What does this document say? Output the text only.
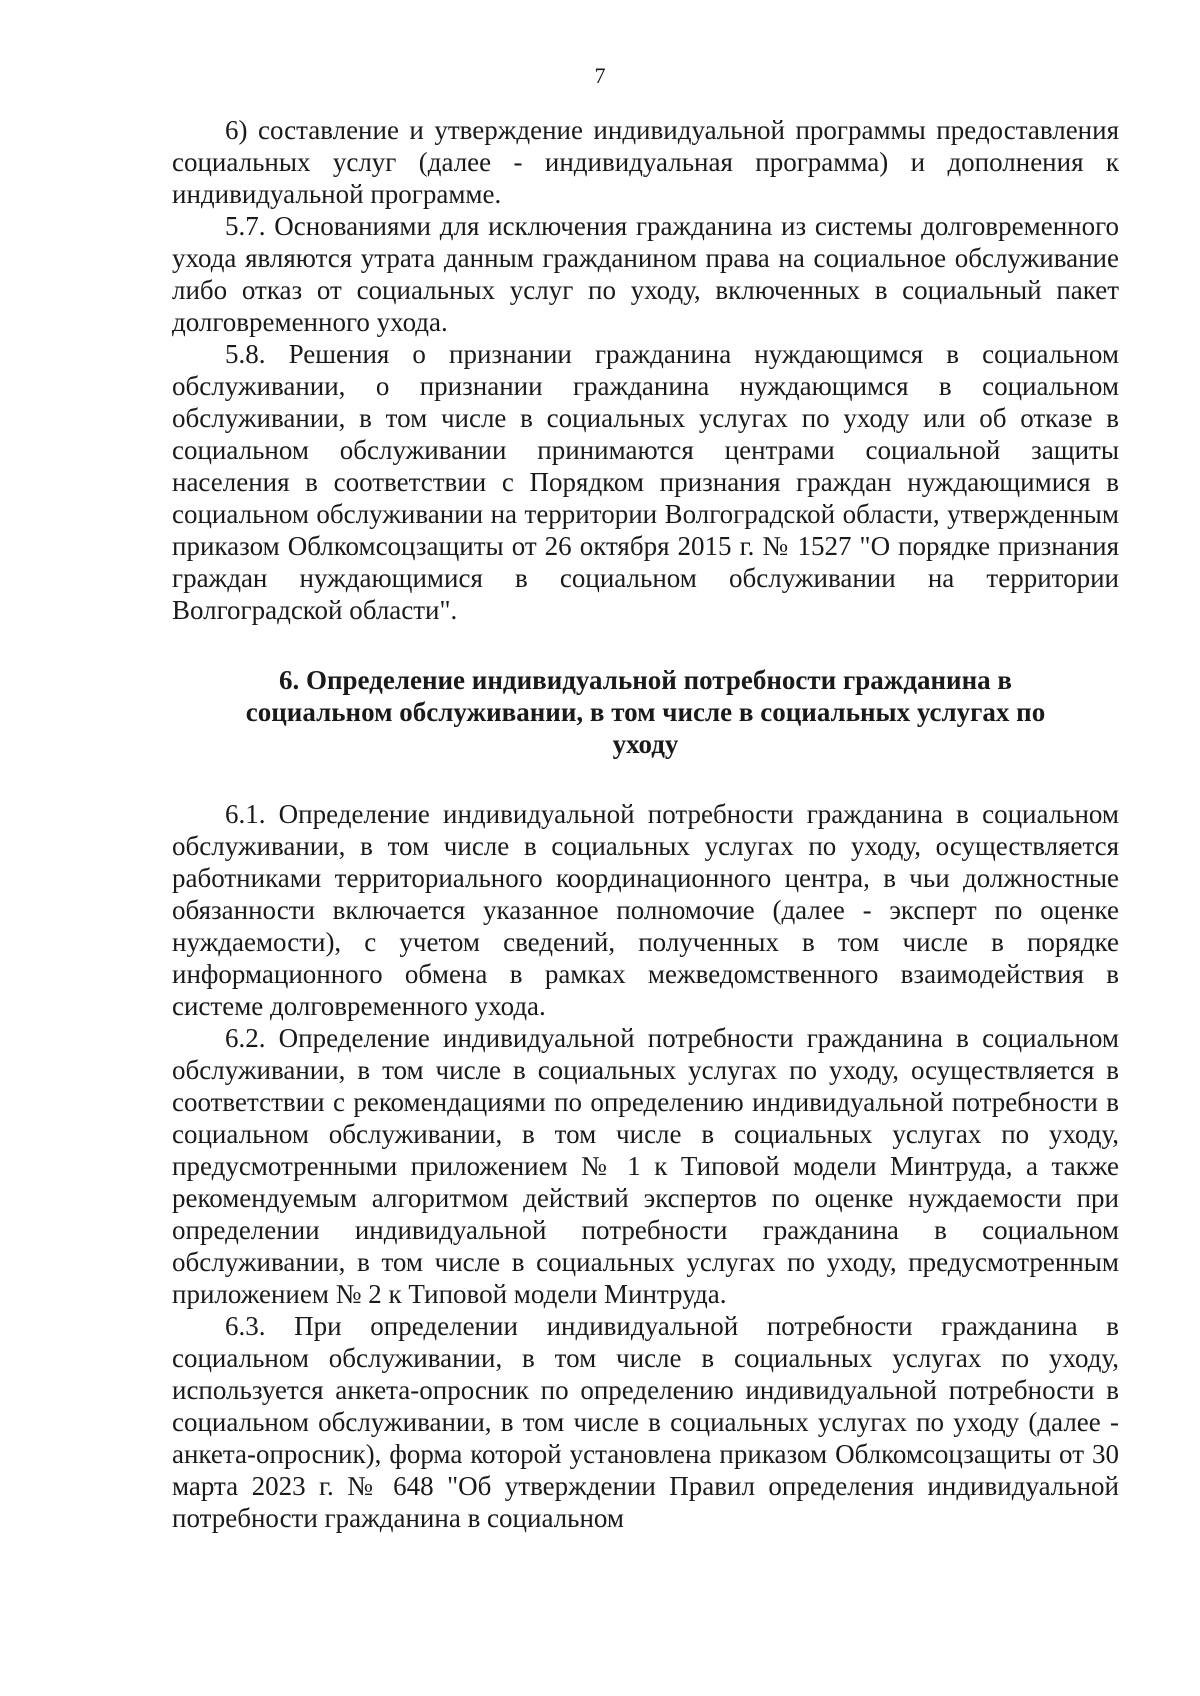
7

6) составление и утверждение индивидуальной программы предоставления социальных услуг (далее - индивидуальная программа) и дополнения к индивидуальной программе.

5.7. Основаниями для исключения гражданина из системы долговременного ухода являются утрата данным гражданином права на социальное обслуживание либо отказ от социальных услуг по уходу, включенных в социальный пакет долговременного ухода.

5.8. Решения о признании гражданина нуждающимся в социальном обслуживании, о признании гражданина нуждающимся в социальном обслуживании, в том числе в социальных услугах по уходу или об отказе в социальном обслуживании принимаются центрами социальной защиты населения в соответствии с Порядком признания граждан нуждающимися в социальном обслуживании на территории Волгоградской области, утвержденным приказом Облкомсоцзащиты от 26 октября 2015 г. № 1527 "О порядке признания граждан нуждающимися в социальном обслуживании на территории Волгоградской области".

6. Определение индивидуальной потребности гражданина в социальном обслуживании, в том числе в социальных услугах по уходу

6.1. Определение индивидуальной потребности гражданина в социальном обслуживании, в том числе в социальных услугах по уходу, осуществляется работниками территориального координационного центра, в чьи должностные обязанности включается указанное полномочие (далее - эксперт по оценке нуждаемости), с учетом сведений, полученных в том числе в порядке информационного обмена в рамках межведомственного взаимодействия в системе долговременного ухода.

6.2. Определение индивидуальной потребности гражданина в социальном обслуживании, в том числе в социальных услугах по уходу, осуществляется в соответствии с рекомендациями по определению индивидуальной потребности в социальном обслуживании, в том числе в социальных услугах по уходу, предусмотренными приложением № 1 к Типовой модели Минтруда, а также рекомендуемым алгоритмом действий экспертов по оценке нуждаемости при определении индивидуальной потребности гражданина в социальном обслуживании, в том числе в социальных услугах по уходу, предусмотренным приложением № 2 к Типовой модели Минтруда.

6.3. При определении индивидуальной потребности гражданина в социальном обслуживании, в том числе в социальных услугах по уходу, используется анкета-опросник по определению индивидуальной потребности в социальном обслуживании, в том числе в социальных услугах по уходу (далее - анкета-опросник), форма которой установлена приказом Облкомсоцзащиты от 30 марта 2023 г. № 648 "Об утверждении Правил определения индивидуальной потребности гражданина в социальном
